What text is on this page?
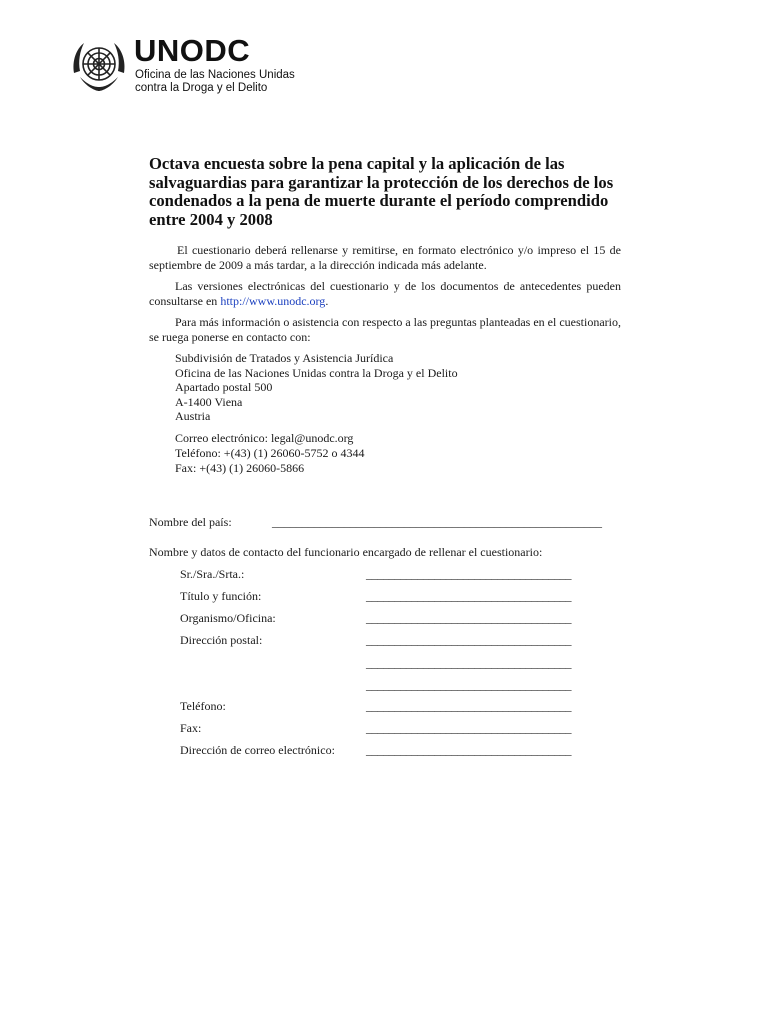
UNODC
Oficina de las Naciones Unidas
contra la Droga y el Delito
Octava encuesta sobre la pena capital y la aplicación de las salvaguardias para garantizar la protección de los derechos de los condenados a la pena de muerte durante el período comprendido entre 2004 y 2008

El cuestionario deberá rellenarse y remitirse, en formato electrónico y/o impreso el 15 de septiembre de 2009 a más tardar, a la dirección indicada más adelante.

Las versiones electrónicas del cuestionario y de los documentos de antecedentes pueden consultarse en http://www.unodc.org.

Para más información o asistencia con respecto a las preguntas planteadas en el cuestionario, se ruega ponerse en contacto con:

Subdivisión de Tratados y Asistencia Jurídica
Oficina de las Naciones Unidas contra la Droga y el Delito
Apartado postal 500
A-1400 Viena
Austria
Correo electrónico: legal@unodc.org
Teléfono: +(43) (1) 26060-5752 o 4344
Fax: +(43) (1) 26060-5866
Nombre del país:	_______________________________________________________
Nombre y datos de contacto del funcionario encargado de rellenar el cuestionario:
Sr./Sra./Srta.:	____________________________________
Título y función:	____________________________________
Organismo/Oficina:	____________________________________
Dirección postal:	____________________________________
____________________________________
____________________________________
Teléfono:	____________________________________
Fax:	____________________________________
Dirección de correo electrónico:	____________________________________
